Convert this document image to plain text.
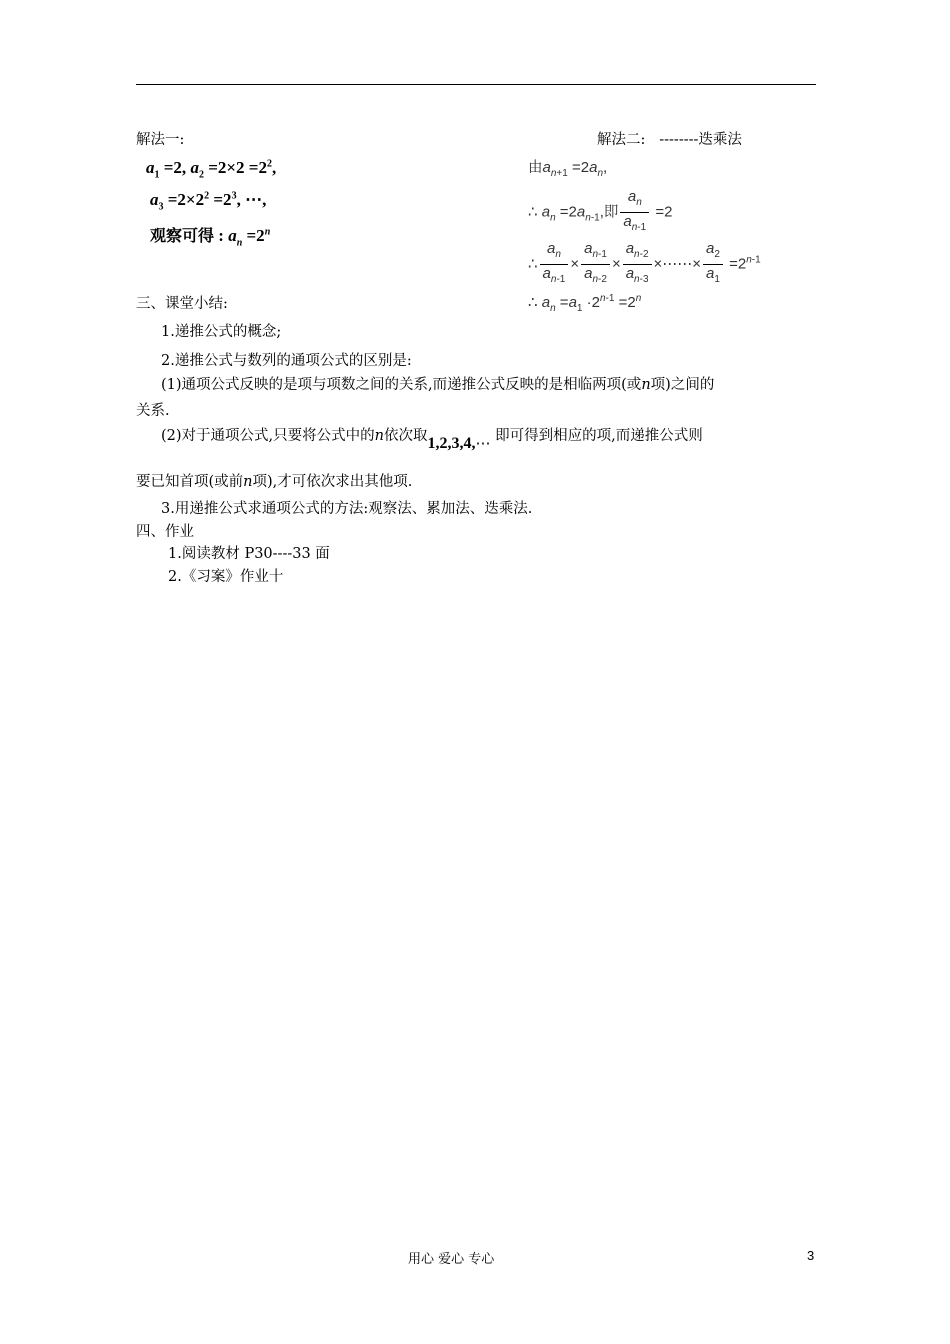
解法一:
$a_1 =2$, $a_2 =2\times 2 =2^2$,
$a_3 =2\times 2^2 =2^3$, ⋯,
观察可得 : $a_n =2^n$
解法二: --------迭乘法
由$a_{n+1} =2a_n$,
∴ $a_n =2a_{n-1}$,即 $\frac{a_n}{a_{n-1}} =2$
∴ $\frac{a_n}{a_{n-1}} \times \frac{a_{n-1}}{a_{n-2}} \times \frac{a_{n-2}}{a_{n-3}}$ ×⋯⋯× $\frac{a_2}{a_1} =2^{n-1}$
∴ $a_n =a_1 \cdot 2^{n-1} =2^n$
三、课堂小结:
1.递推公式的概念;
2.递推公式与数列的通项公式的区别是:
(1)通项公式反映的是项与项数之间的关系,而递推公式反映的是相临两项(或n项)之间的
关系.
(2)对于通项公式,只要将公式中的n依次取1,2,3,4,⋯ 即可得到相应的项,而递推公式则
要已知首项(或前n项),才可依次求出其他项.
3.用递推公式求通项公式的方法:观察法、累加法、迭乘法.
四、作业
1.阅读教材 P30----33 面
2.《习案》作业十
用心 爱心 专心	3
